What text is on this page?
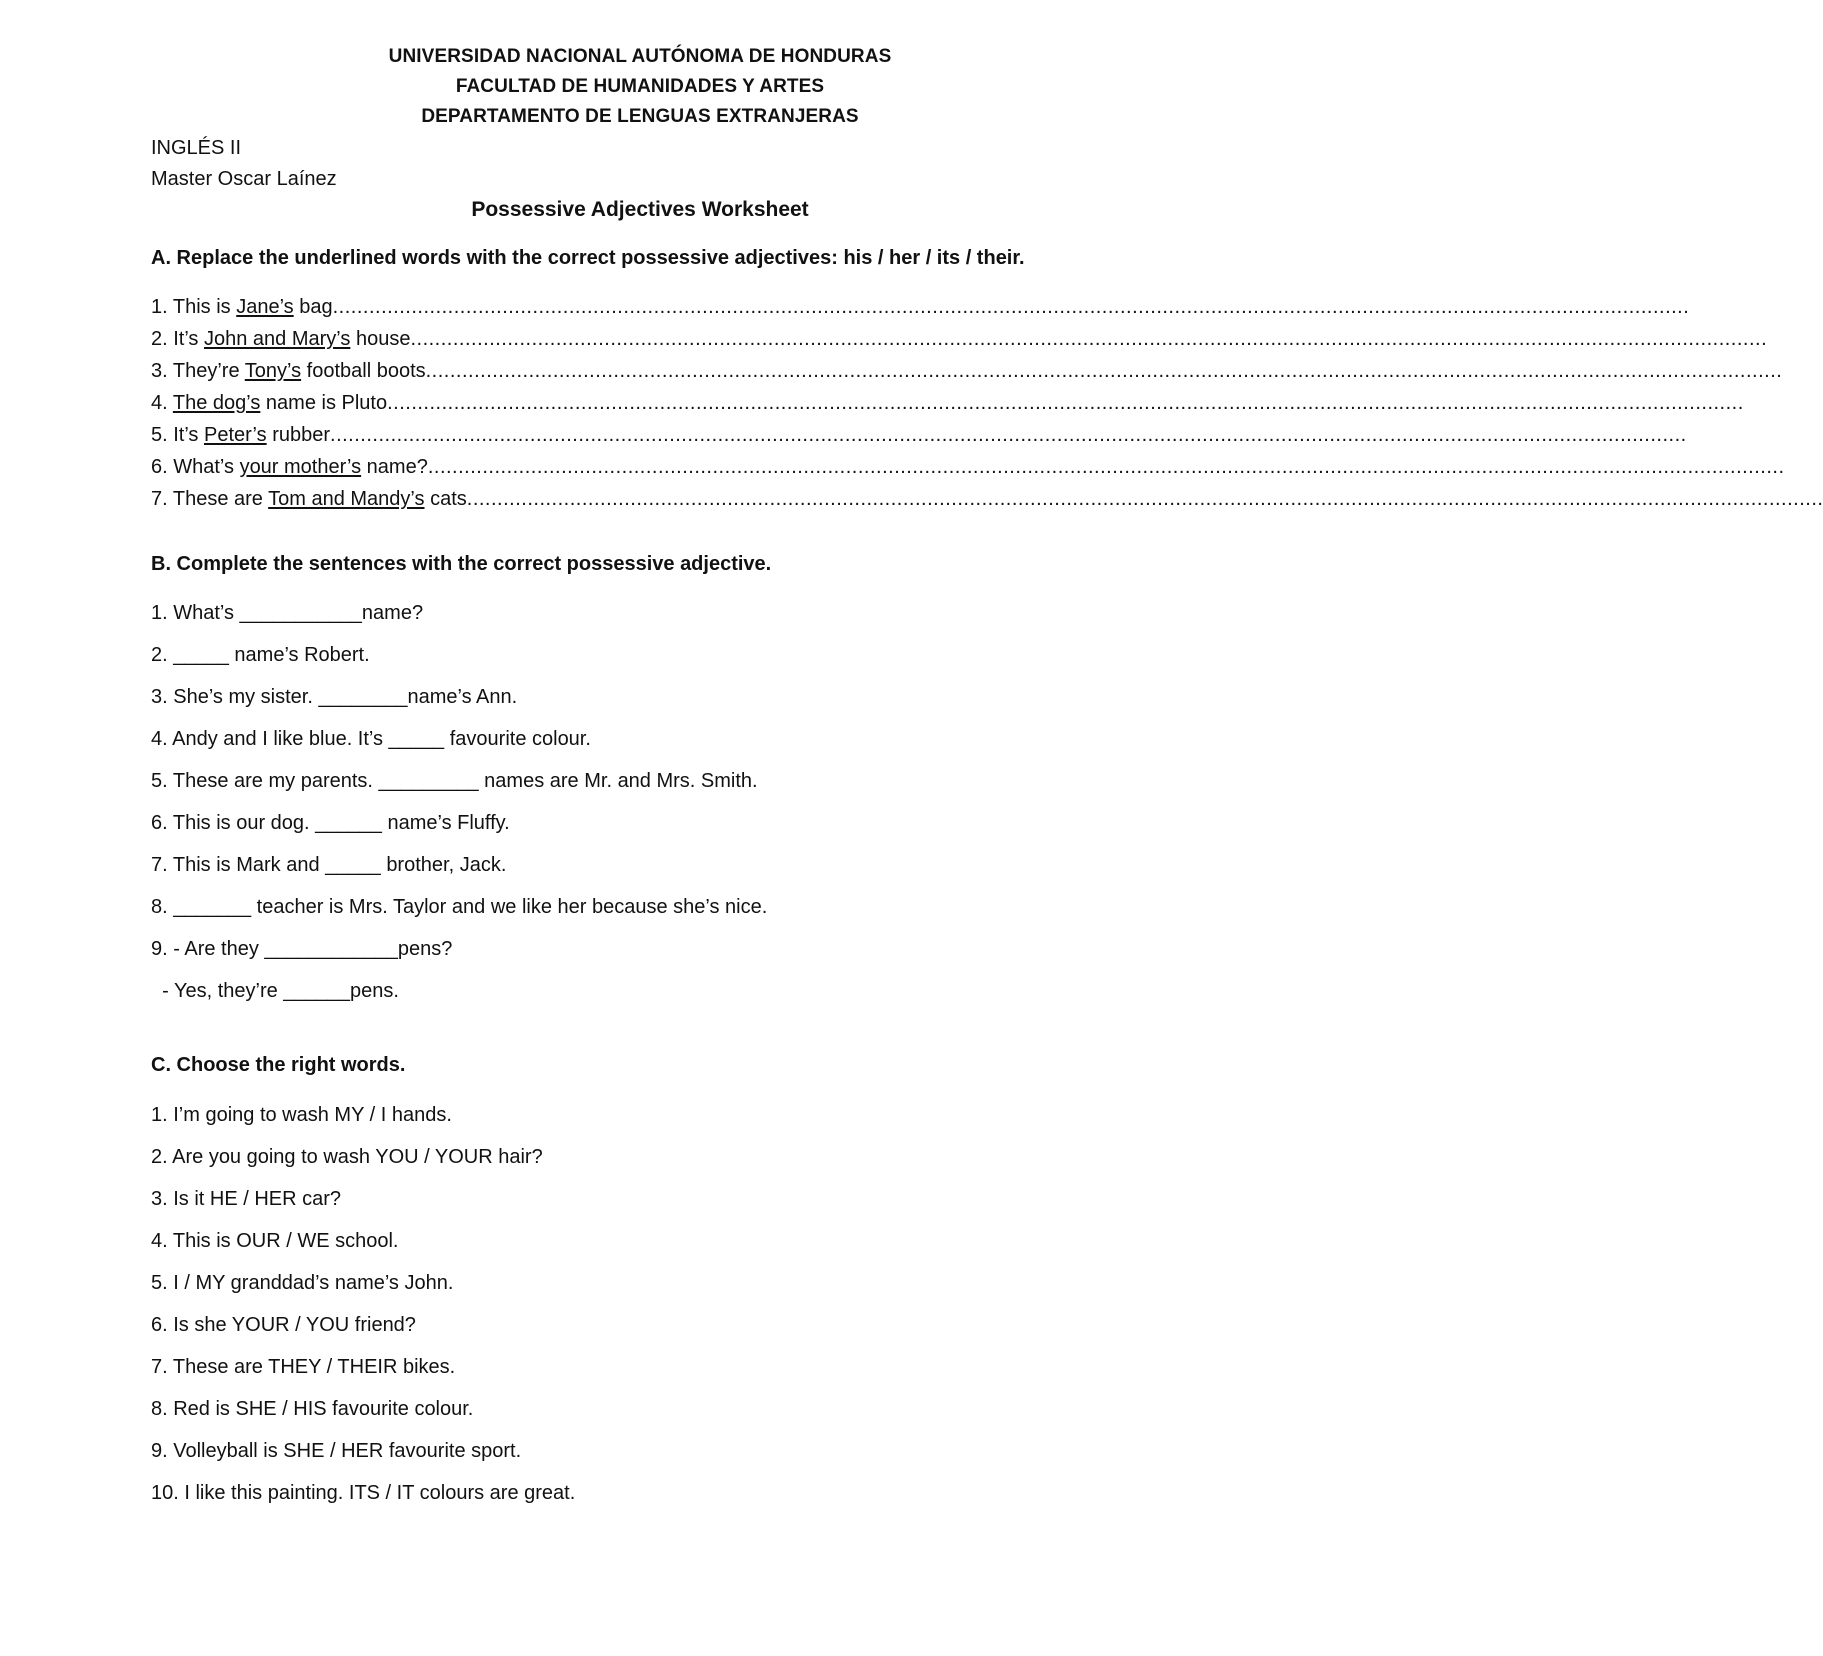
UNIVERSIDAD NACIONAL AUTÓNOMA DE HONDURAS
FACULTAD DE HUMANIDADES Y ARTES
DEPARTAMENTO DE LENGUAS EXTRANJERAS
INGLÉS II
Master Oscar Laínez
Possessive Adjectives Worksheet
A. Replace the underlined words with the correct possessive adjectives: his / her / its / their.
1. This is Jane’s bag................................................................................................................................................................................................................................
2. It’s John and Mary’s house................................................................................................................................................................................................................................
3. They’re Tony’s football boots................................................................................................................................................................................................................................
4. The dog’s name is Pluto................................................................................................................................................................................................................................
5. It’s Peter’s rubber................................................................................................................................................................................................................................
6. What’s your mother’s name?................................................................................................................................................................................................................................
7. These are Tom and Mandy’s cats................................................................................................................................................................................................................................
B. Complete the sentences with the correct possessive adjective.
1. What’s ___________name?
2. _____ name’s Robert.
3. She’s my sister. ________name’s Ann.
4. Andy and I like blue. It’s _____ favourite colour.
5. These are my parents. _________ names are Mr. and Mrs. Smith.
6. This is our dog. ______ name’s Fluffy.
7. This is Mark and _____ brother, Jack.
8. _______ teacher is Mrs. Taylor and we like her because she’s nice.
9. - Are they ____________pens?
- Yes, they’re ______pens.
C. Choose the right words.
1. I’m going to wash MY / I hands.
2. Are you going to wash YOU / YOUR hair?
3. Is it HE / HER car?
4. This is OUR / WE school.
5. I / MY granddad’s name’s John.
6. Is she YOUR / YOU friend?
7. These are THEY / THEIR bikes.
8. Red is SHE / HIS favourite colour.
9. Volleyball is SHE / HER favourite sport.
10. I like this painting. ITS / IT colours are great.
